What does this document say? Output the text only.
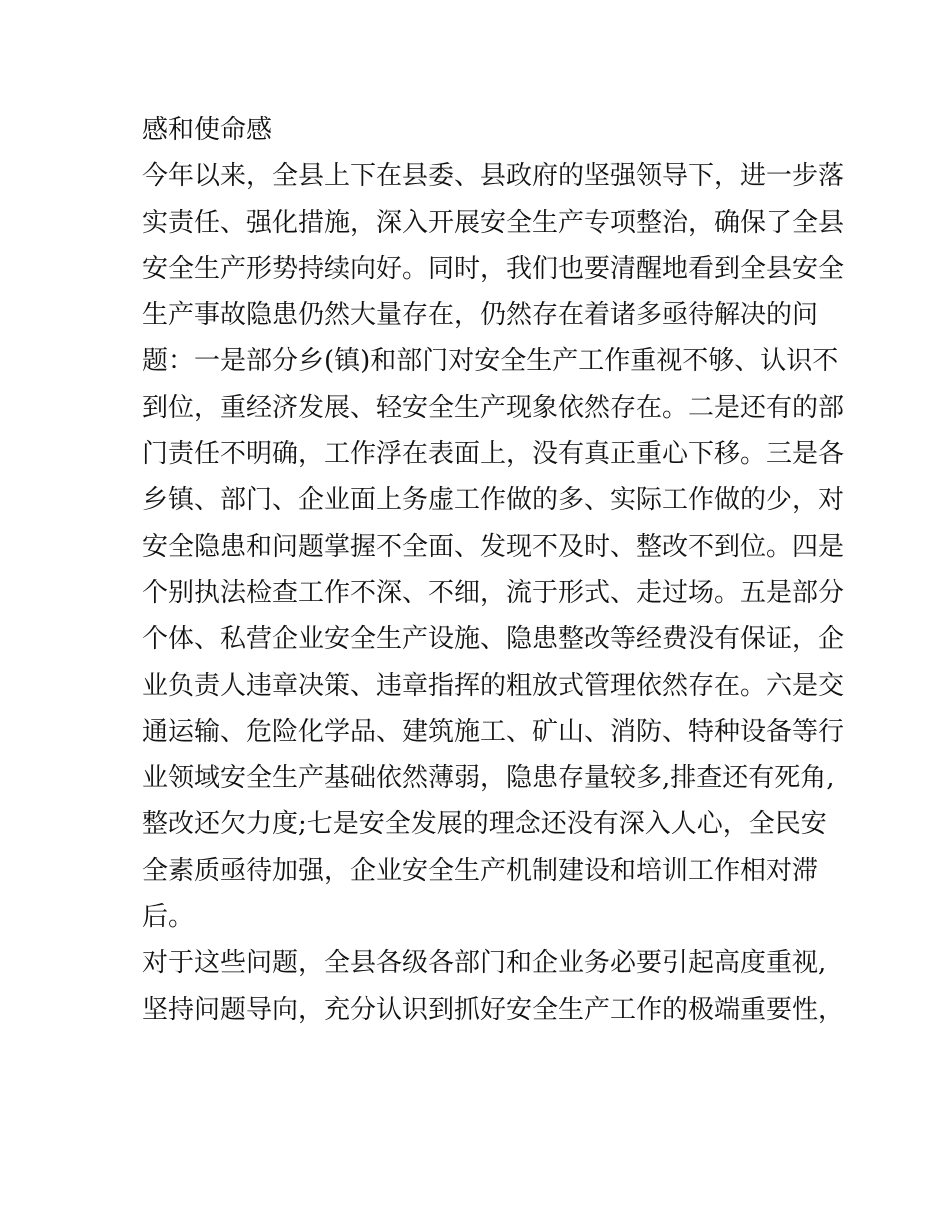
感和使命感

今年以来，全县上下在县委、县政府的坚强领导下，进一步落

实责任、强化措施，深入开展安全生产专项整治，确保了全县

安全生产形势持续向好。同时，我们也要清醒地看到全县安全

生产事故隐患仍然大量存在，仍然存在着诸多亟待解决的问

题：一是部分乡(镇)和部门对安全生产工作重视不够、认识不

到位，重经济发展、轻安全生产现象依然存在。二是还有的部

门责任不明确，工作浮在表面上，没有真正重心下移。三是各

乡镇、部门、企业面上务虚工作做的多、实际工作做的少，对

安全隐患和问题掌握不全面、发现不及时、整改不到位。四是

个别执法检查工作不深、不细，流于形式、走过场。五是部分

个体、私营企业安全生产设施、隐患整改等经费没有保证，企

业负责人违章决策、违章指挥的粗放式管理依然存在。六是交

通运输、危险化学品、建筑施工、矿山、消防、特种设备等行

业领域安全生产基础依然薄弱，隐患存量较多,排查还有死角,

整改还欠力度;七是安全发展的理念还没有深入人心，全民安

全素质亟待加强，企业安全生产机制建设和培训工作相对滞

后。

对于这些问题，全县各级各部门和企业务必要引起高度重视,

坚持问题导向，充分认识到抓好安全生产工作的极端重要性，
